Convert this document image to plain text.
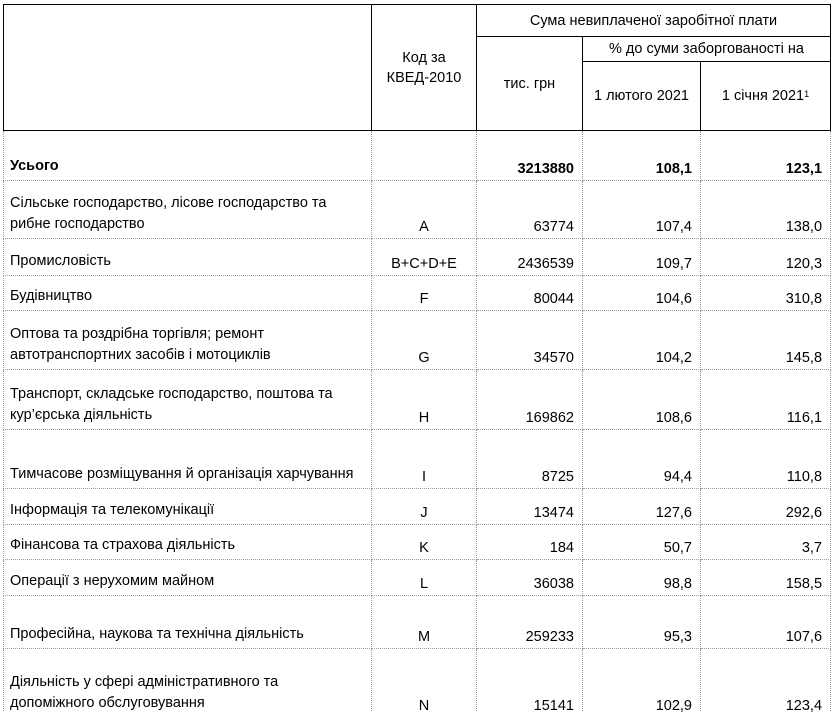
	Код за КВЕД-2010	Сума невиплаченої заробітної плати		
		тис. грн	% до суми заборгованості на	
			1 лютого 2021	1 січня 2021$^1$
Усього		3213880	108,1	123,1
Сільське господарство, лісове господарство та рибне господарство	A	63774	107,4	138,0
Промисловість	B+C+D+E	2436539	109,7	120,3
Будівництво	F	80044	104,6	310,8
Оптова та роздрібна торгівля; ремонт автотранспортних засобів і мотоциклів	G	34570	104,2	145,8
Транспорт, складське господарство, поштова та кур’єрська діяльність	H	169862	108,6	116,1
Тимчасове розміщування й організація харчування	I	8725	94,4	110,8
Інформація та телекомунікації	J	13474	127,6	292,6
Фінансова та страхова діяльність	K	184	50,7	3,7
Операції з нерухомим майном	L	36038	98,8	158,5
Професійна, наукова та технічна діяльність	M	259233	95,3	107,6
Діяльність у сфері адміністративного та допоміжного обслуговування	N	15141	102,9	123,4
